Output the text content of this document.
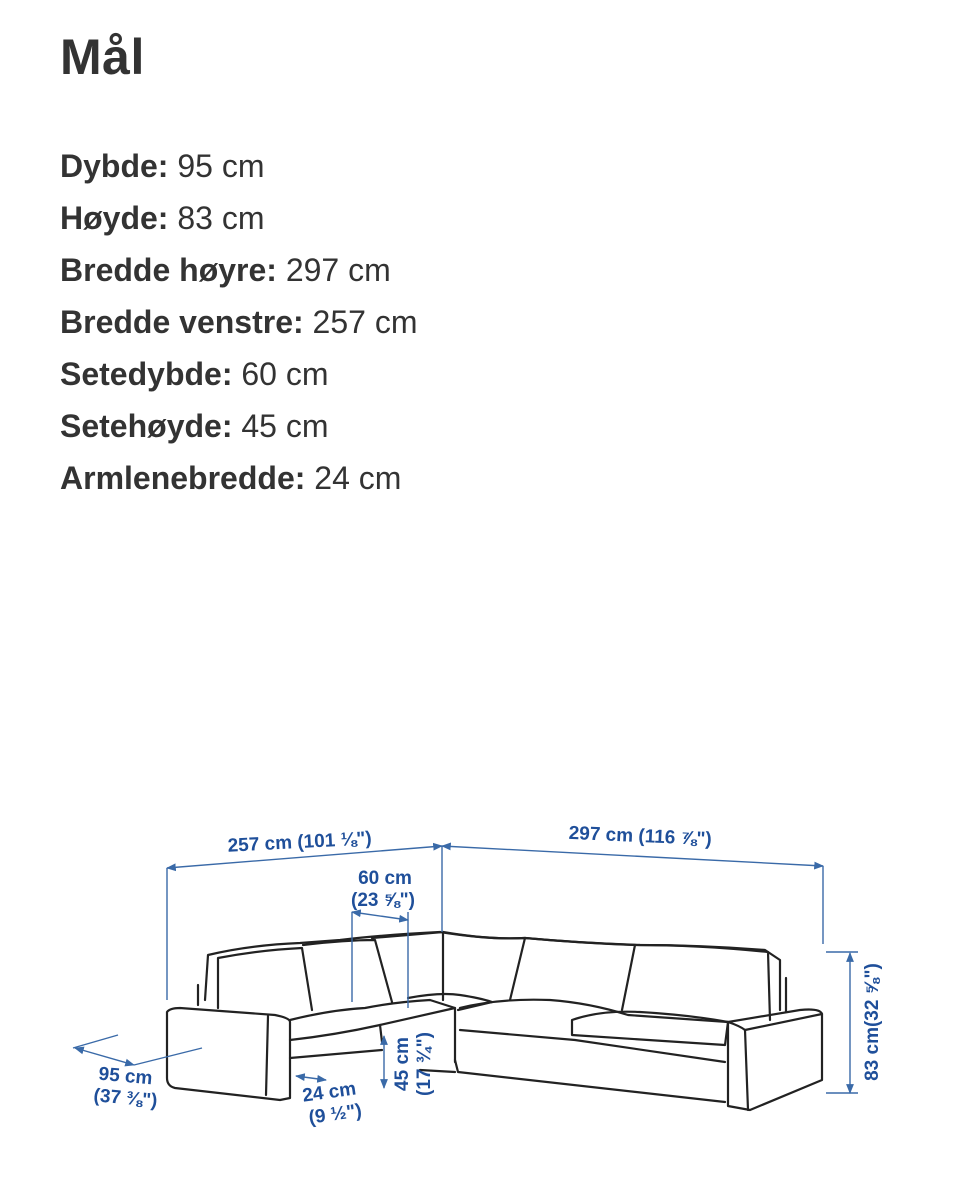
Mål
Dybde: 95 cm
Høyde: 83 cm
Bredde høyre: 297 cm
Bredde venstre: 257 cm
Setedybde: 60 cm
Setehøyde: 45 cm
Armlenebredde: 24 cm
257 cm (101 ⅛")	297 cm (116 ⅞")
60 cm
(23 ⅝")
83 cm(32 ⅝")
45 cm (17 ¾")
95 cm
(37 ⅜")	24 cm
(9 ½")
